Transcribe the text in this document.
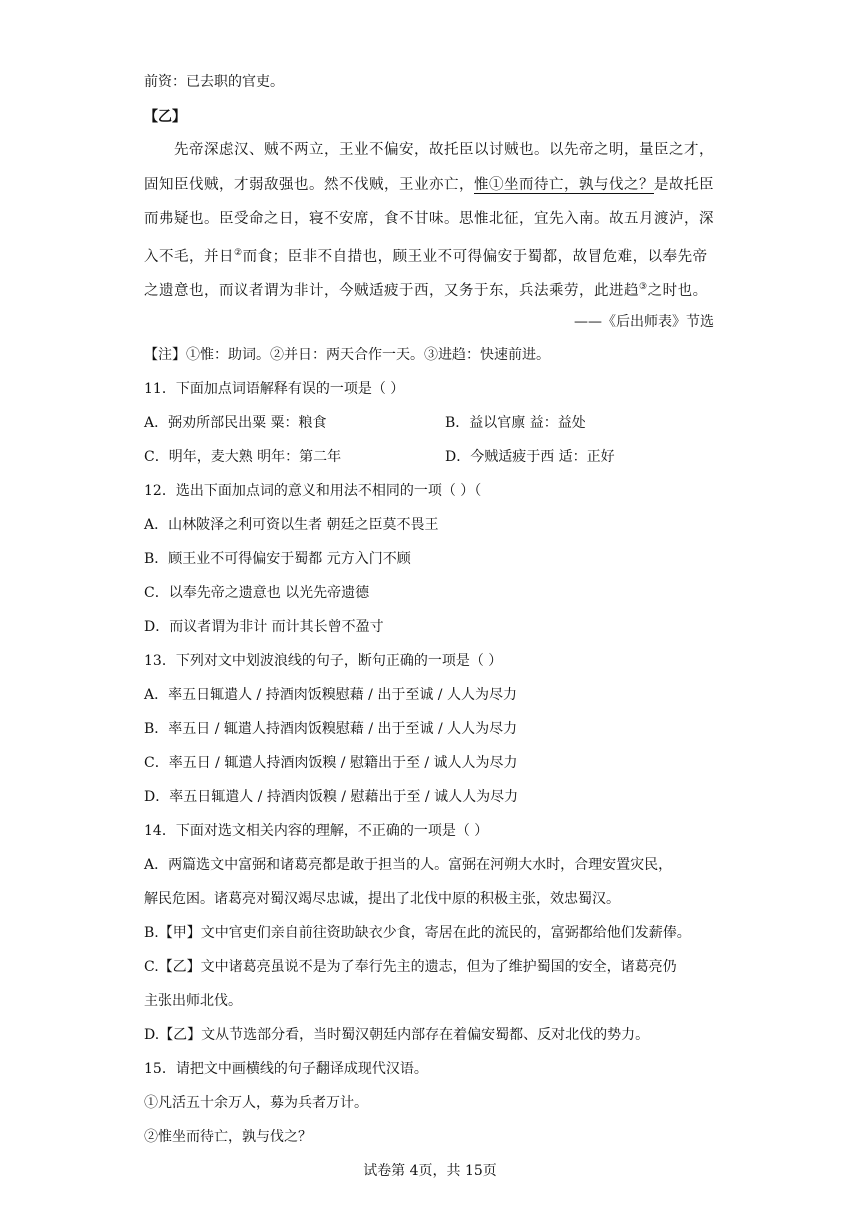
前资：已去职的官吏。
【乙】
先帝深虑汉、贼不两立，王业不偏安，故托臣以讨贼也。以先帝之明，量臣之才，
固知臣伐贼，才弱敌强也。然不伐贼，王业亦亡，惟①坐而待亡，孰与伐之？是故托臣
而弗疑也。臣受命之日，寝不安席，食不甘味。思惟北征，宜先入南。故五月渡泸，深
入不毛，并日②而食；臣非不自措也，顾王业不可得偏安于蜀都，故冒危难，以奉先帝
之遗意也，而议者谓为非计，今贼适疲于西，又务于东，兵法乘劳，此进趋③之时也。
——《后出师表》节选
【注】①惟：助词。②并日：两天合作一天。③进趋：快速前进。
11．下面加点词语解释有误的一项是（ ）
A．弼劝所部民出粟 粟：粮食	B．益以官廪 益：益处
C．明年，麦大熟 明年：第二年	D．今贼适疲于西 适：正好
12．选出下面加点词的意义和用法不相同的一项（ ）（
A．山林陂泽之利可资以生者 朝廷之臣莫不畏王
B．顾王业不可得偏安于蜀都 元方入门不顾
C．以奉先帝之遗意也 以光先帝遗德
D．而议者谓为非计 而计其长曾不盈寸
13．下列对文中划波浪线的句子，断句正确的一项是（ ）
A．率五日辄遣人 / 持酒肉饭糗慰藉 / 出于至诚 / 人人为尽力
B．率五日 / 辄遣人持酒肉饭糗慰藉 / 出于至诚 / 人人为尽力
C．率五日 / 辄遣人持酒肉饭糗 / 慰籍出于至 / 诚人人为尽力
D．率五日辄遣人 / 持酒肉饭糗 / 慰藉出于至 / 诚人人为尽力
14．下面对选文相关内容的理解，不正确的一项是（ ）
A．两篇选文中富弼和诸葛亮都是敢于担当的人。富弼在河朔大水时，合理安置灾民，
解民危困。诸葛亮对蜀汉竭尽忠诚，提出了北伐中原的积极主张，效忠蜀汉。
B.【甲】文中官吏们亲自前往资助缺衣少食，寄居在此的流民的，富弼都给他们发薪俸。
C.【乙】文中诸葛亮虽说不是为了奉行先主的遗志，但为了维护蜀国的安全，诸葛亮仍
主张出师北伐。
D.【乙】文从节选部分看，当时蜀汉朝廷内部存在着偏安蜀都、反对北伐的势力。
15．请把文中画横线的句子翻译成现代汉语。
①凡活五十余万人，募为兵者万计。
②惟坐而待亡，孰与伐之？
试卷第 4页，共 15页
